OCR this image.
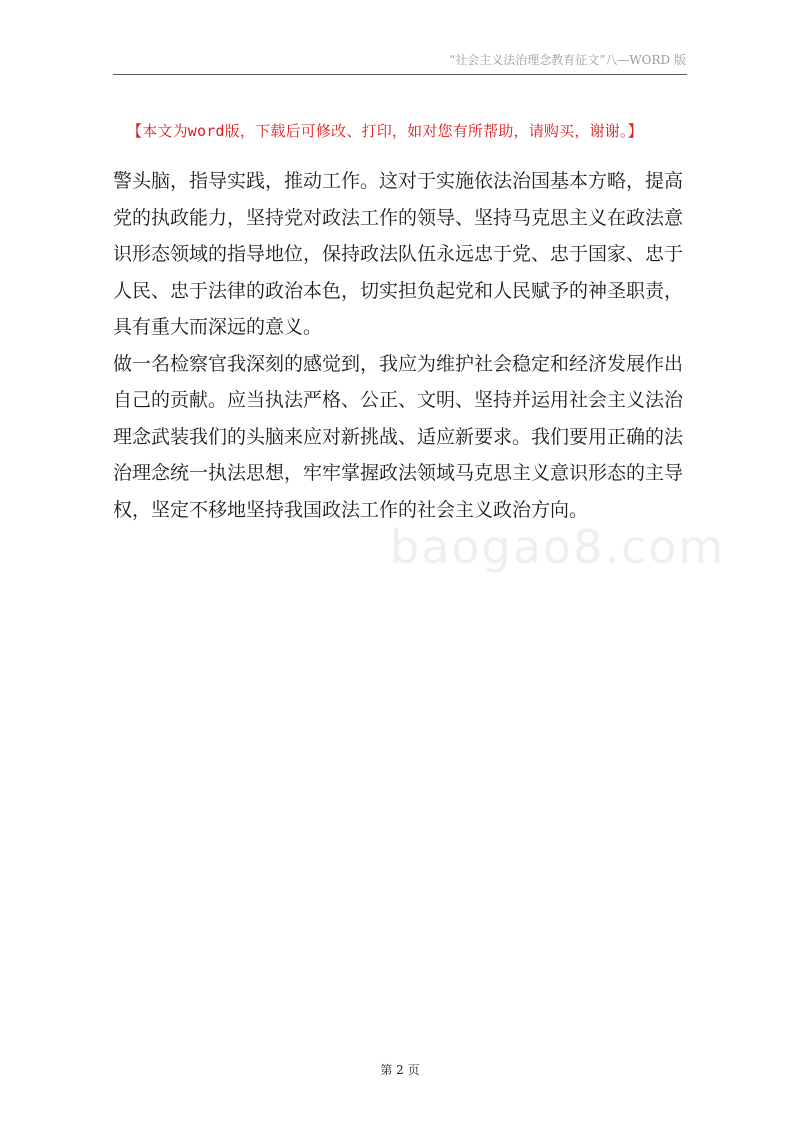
“社会主义法治理念教育征文”八—WORD 版
【本文为word版，下载后可修改、打印，如对您有所帮助，请购买，谢谢。】
警头脑，指导实践，推动工作。这对于实施依法治国基本方略，提高
党的执政能力，坚持党对政法工作的领导、坚持马克思主义在政法意
识形态领域的指导地位，保持政法队伍永远忠于党、忠于国家、忠于
人民、忠于法律的政治本色，切实担负起党和人民赋予的神圣职责，
具有重大而深远的意义。
做一名检察官我深刻的感觉到，我应为维护社会稳定和经济发展作出
自己的贡献。应当执法严格、公正、文明、坚持并运用社会主义法治
理念武装我们的头脑来应对新挑战、适应新要求。我们要用正确的法
治理念统一执法思想，牢牢掌握政法领域马克思主义意识形态的主导
权，坚定不移地坚持我国政法工作的社会主义政治方向。
baogao8.com
第 2 页
